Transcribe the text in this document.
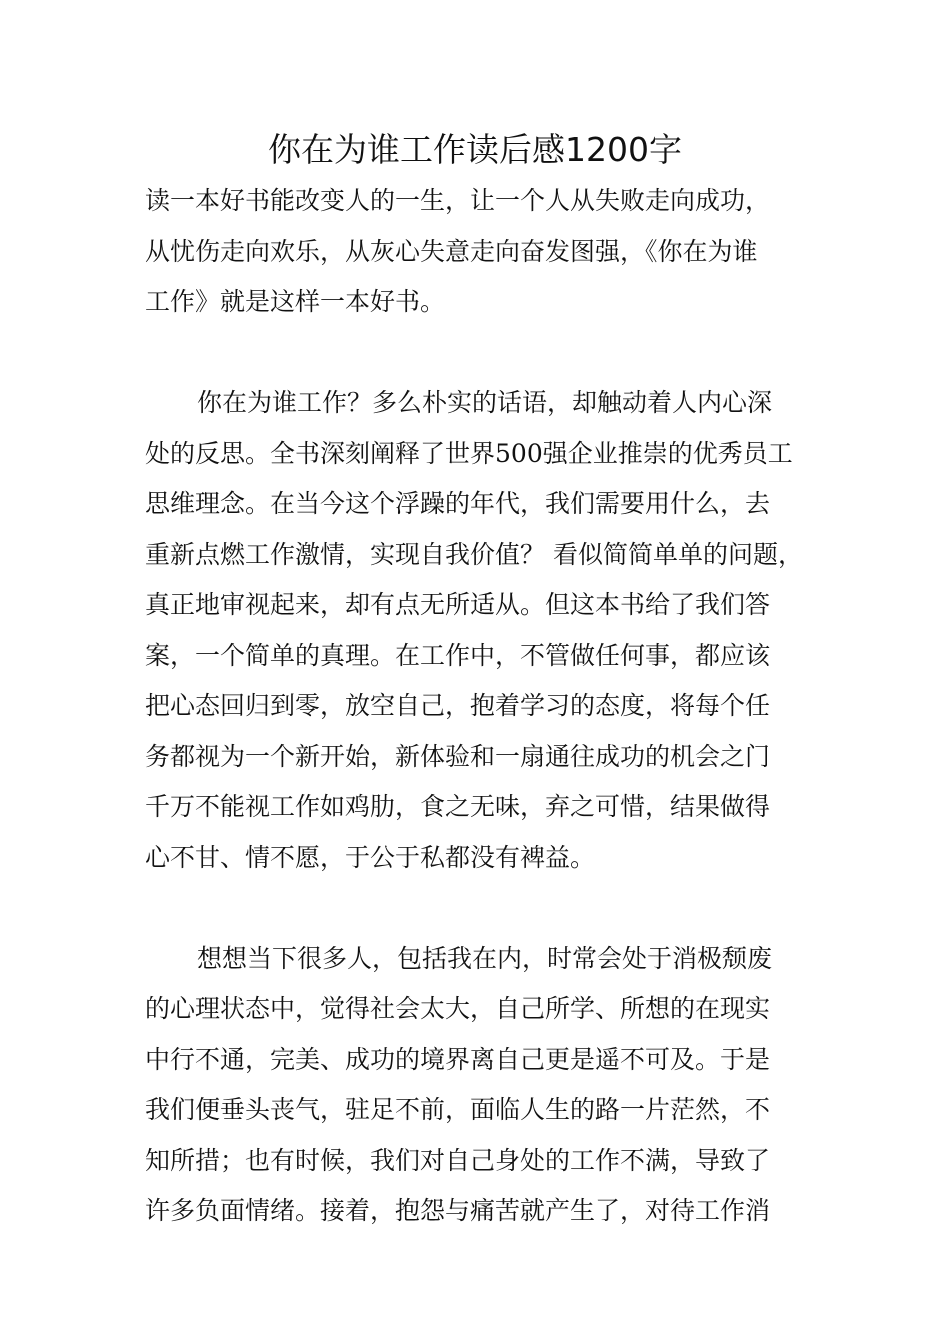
你在为谁工作读后感1200字
读一本好书能改变人的一生，让一个人从失败走向成功，
从忧伤走向欢乐，从灰心失意走向奋发图强，《你在为谁
工作》就是这样一本好书。
你在为谁工作？多么朴实的话语，却触动着人内心深
处的反思。全书深刻阐释了世界500强企业推崇的优秀员工
思维理念。在当今这个浮躁的年代，我们需要用什么，去
重新点燃工作激情，实现自我价值？ 看似简简单单的问题，
真正地审视起来，却有点无所适从。但这本书给了我们答
案，一个简单的真理。在工作中，不管做任何事，都应该
把心态回归到零，放空自己，抱着学习的态度，将每个任
务都视为一个新开始，新体验和一扇通往成功的机会之门
千万不能视工作如鸡肋，食之无味，弃之可惜，结果做得
心不甘、情不愿，于公于私都没有裨益。
想想当下很多人，包括我在内，时常会处于消极颓废
的心理状态中，觉得社会太大，自己所学、所想的在现实
中行不通，完美、成功的境界离自己更是遥不可及。于是
我们便垂头丧气，驻足不前，面临人生的路一片茫然，不
知所措；也有时候，我们对自己身处的工作不满，导致了
许多负面情绪。接着，抱怨与痛苦就产生了，对待工作消
